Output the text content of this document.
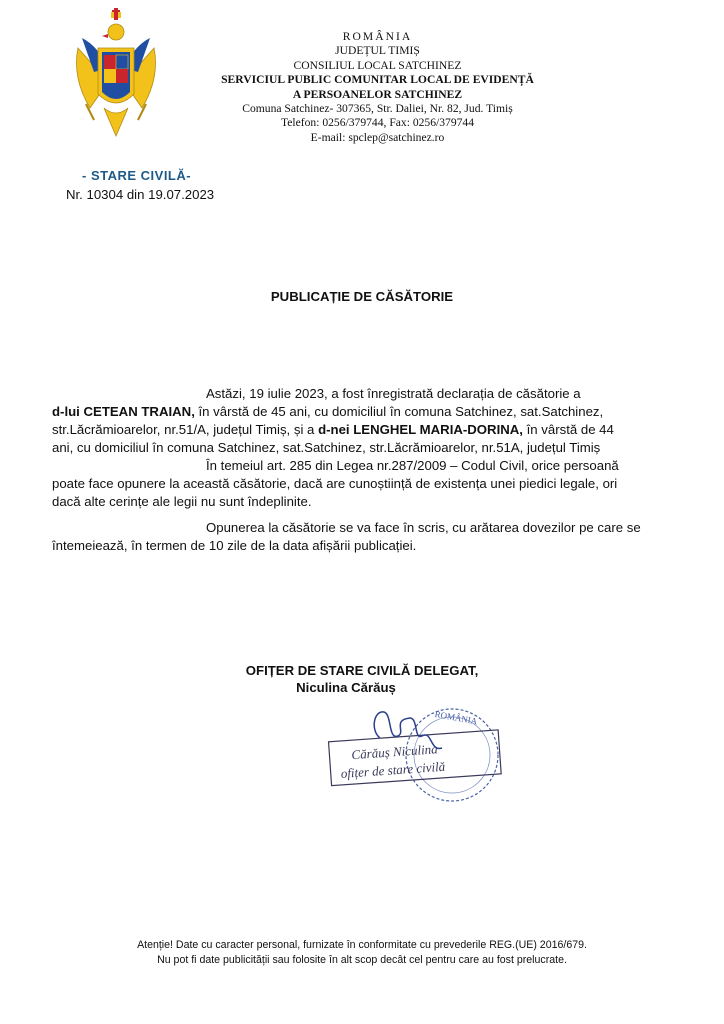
ROMÂNIA
JUDEȚUL TIMIȘ
CONSILIUL LOCAL SATCHINEZ
SERVICIUL PUBLIC COMUNITAR LOCAL DE EVIDENȚĂ
A PERSOANELOR SATCHINEZ
Comuna Satchinez- 307365, Str. Daliei, Nr. 82, Jud. Timiș
Telefon: 0256/379744, Fax: 0256/379744
E-mail: spclep@satchinez.ro
- STARE CIVILĂ-
Nr. 10304 din 19.07.2023
PUBLICAȚIE DE CĂSĂTORIE
Astăzi, 19 iulie 2023, a fost înregistrată declarația de căsătorie a
d-lui CETEAN TRAIAN, în vârstă de 45 ani, cu domiciliul în comuna Satchinez, sat.Satchinez,
str.Lăcrămioarelor, nr.51/A, județul Timiș, și a d-nei LENGHEL MARIA-DORINA, în vârstă de 44
ani, cu domiciliul în comuna Satchinez, sat.Satchinez, str.Lăcrămioarelor, nr.51A, județul Timiș
În temeiul art. 285 din Legea nr.287/2009 – Codul Civil, orice persoană
poate face opunere la această căsătorie, dacă are cunoștiință de existența unei piedici legale, ori
dacă alte cerințe ale legii nu sunt îndeplinite.
Opunerea la căsătorie se va face în scris, cu arătarea dovezilor pe care se
întemeiează, în termen de 10 zile de la data afișării publicației.
OFIȚER DE STARE CIVILĂ DELEGAT,
Niculina Cărăuș
ROMÂNIA
Cărăuș Niculina
ofițer de stare civilă
Atenție! Date cu caracter personal, furnizate în conformitate cu prevederile REG.(UE) 2016/679.
Nu pot fi date publicității sau folosite în alt scop decât cel pentru care au fost prelucrate.
